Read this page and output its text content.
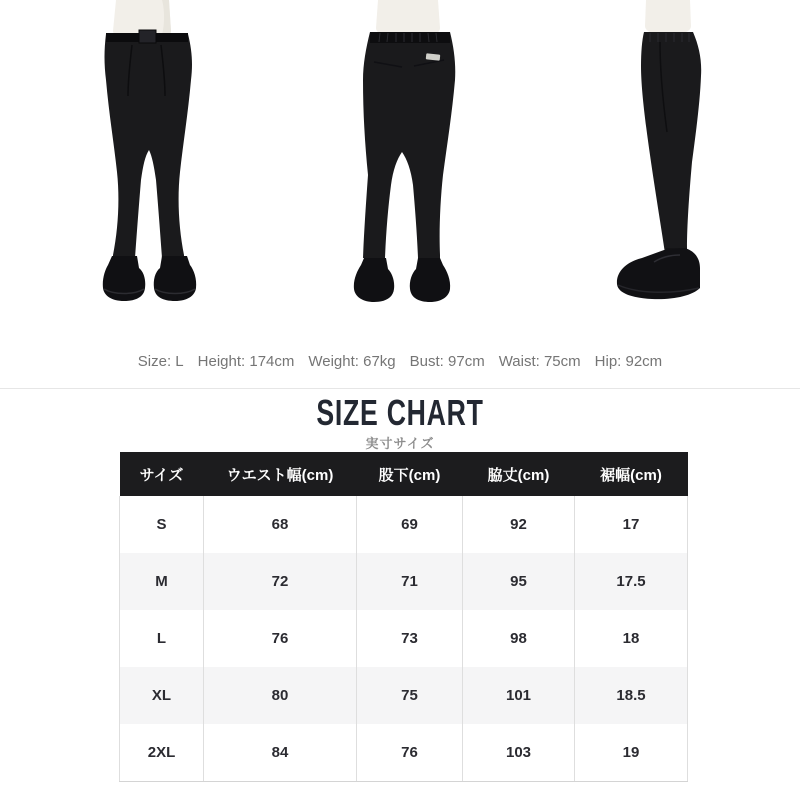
Size: L Height: 174cm Weight: 67kg Bust: 97cm Waist: 75cm Hip: 92cm
SIZE CHART
実寸サイズ
サイズ	ウエスト幅(cm)	股下(cm)	脇丈(cm)	裾幅(cm)
S	68	69	92	17
M	72	71	95	17.5
L	76	73	98	18
XL	80	75	101	18.5
2XL	84	76	103	19
